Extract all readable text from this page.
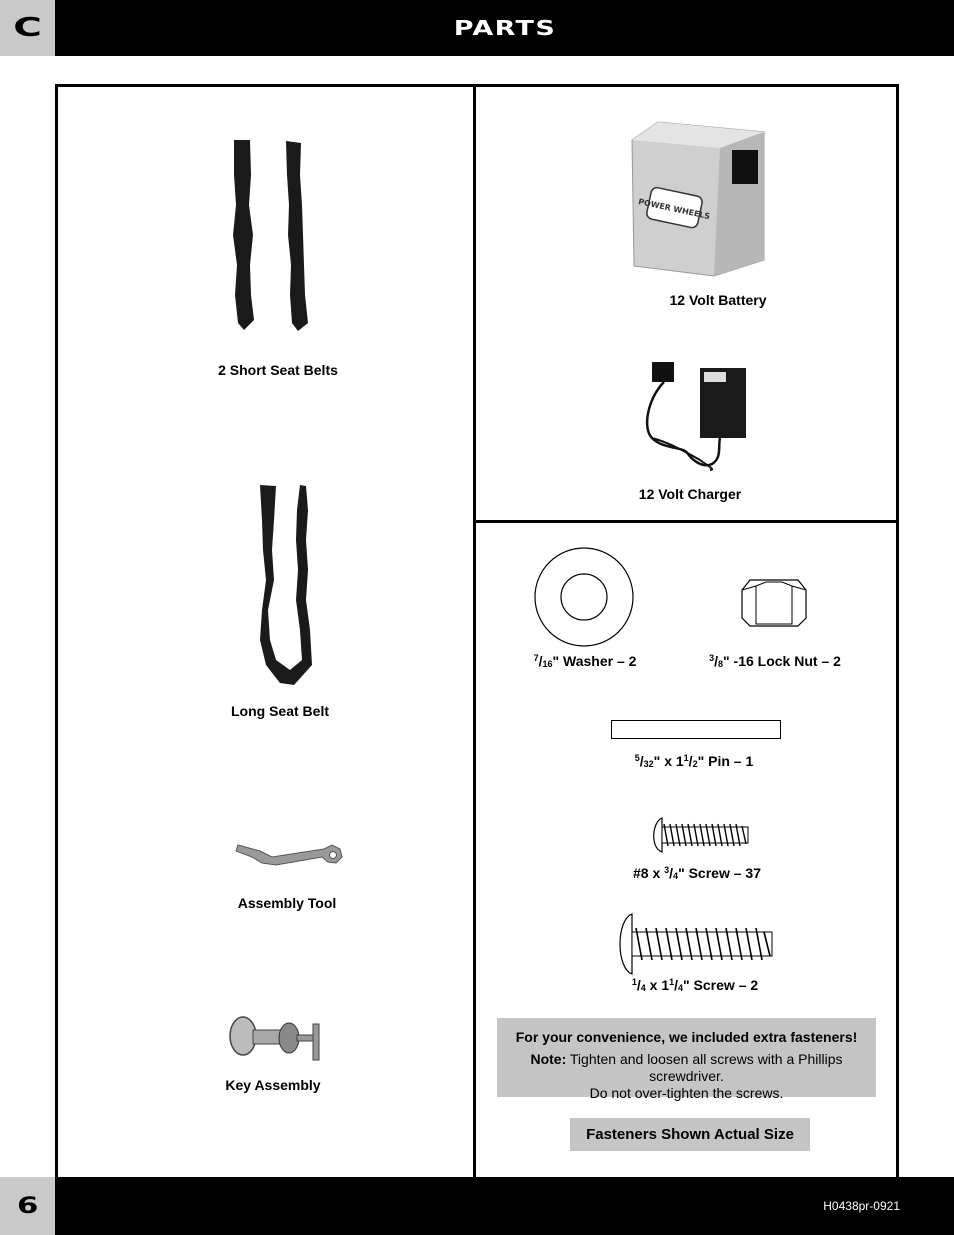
C	PARTS
2 Short Seat Belts
Long Seat Belt
Assembly Tool
Key Assembly
POWER WHEELS
12 Volt Battery
12 Volt Charger
$^7/_{16}$" Washer – 2	$^3/_8$" -16 Lock Nut – 2
$^5/_{32}$" x $1^1/_2$" Pin – 1
#8 x $^3/_4$" Screw – 37
$^1/_4$ x $1^1/_4$" Screw – 2
For your convenience, we included extra fasteners!
Note: Tighten and loosen all screws with a Phillips screwdriver.
Do not over-tighten the screws.
Fasteners Shown Actual Size
6	H0438pr-0921
